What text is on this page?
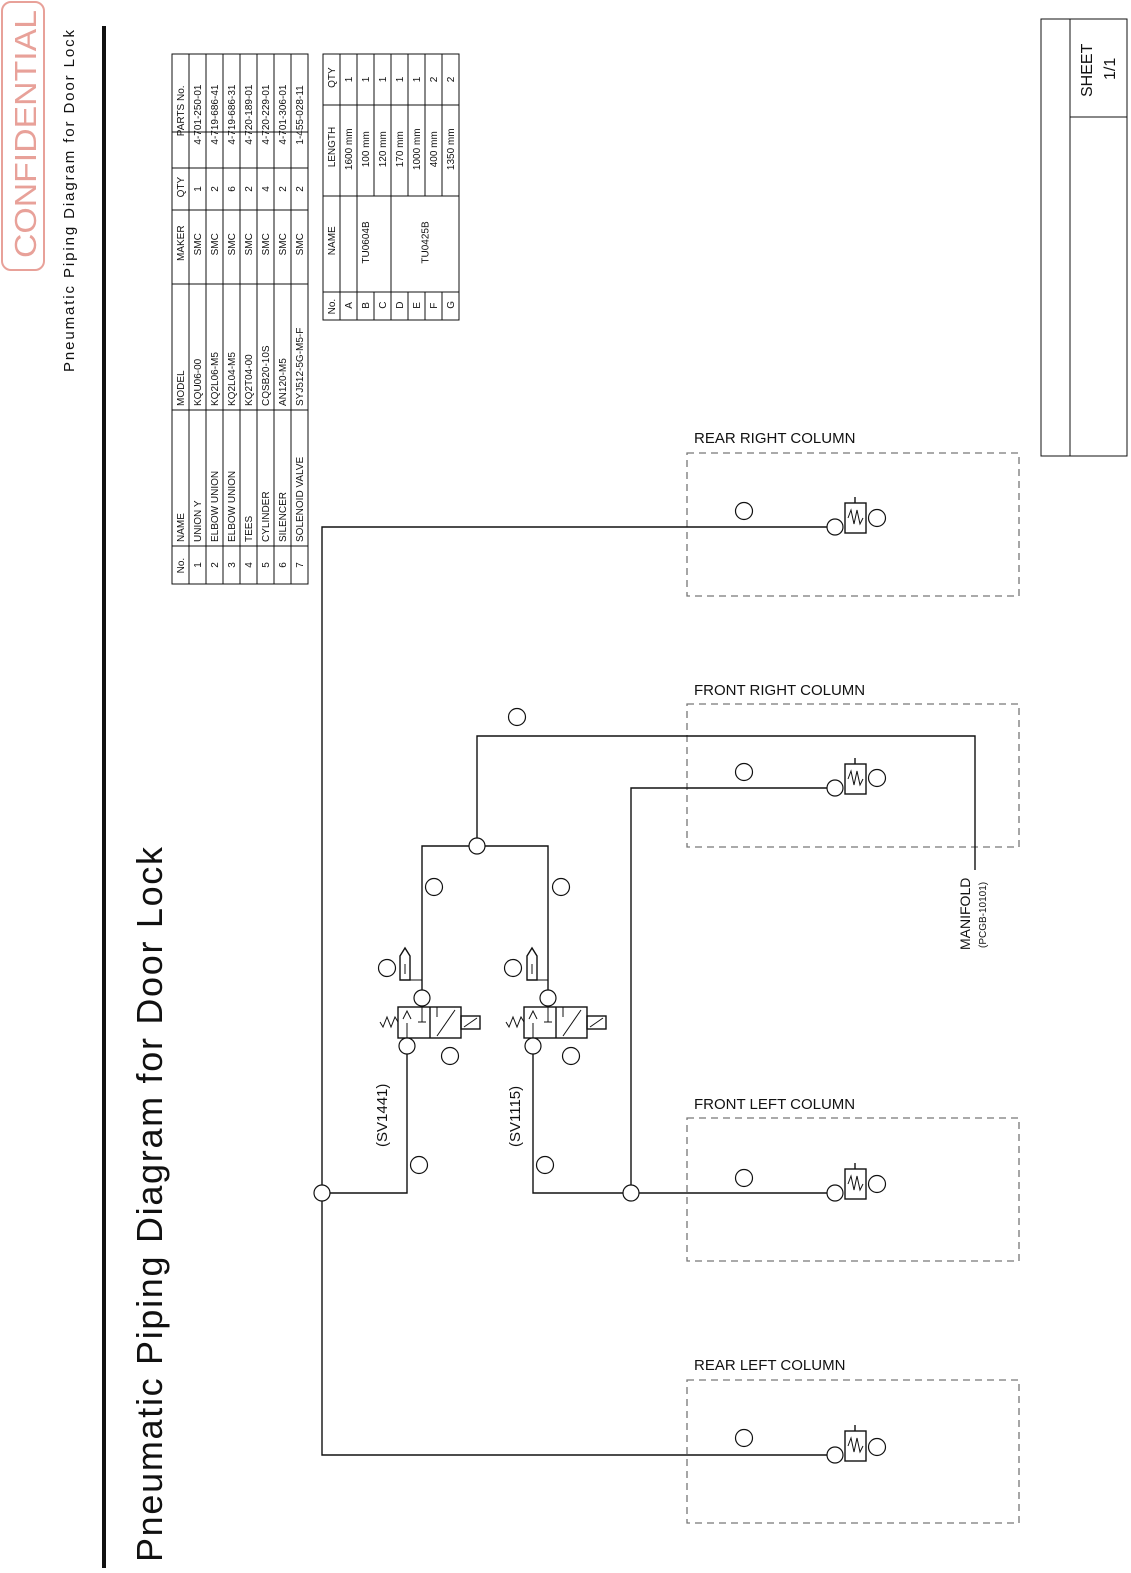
CONFIDENTIAL
Pneumatic Piping Diagram for Door Lock
Pneumatic Piping Diagram for Door Lock
No.
NAME
MODEL
MAKER
QTY
PARTS No.
1
UNION Y
KQU06-00
SMC
1
4-701-250-01
2
ELBOW UNION
KQ2L06-M5
SMC
2
4-719-686-41
3
ELBOW UNION
KQ2L04-M5
SMC
6
4-719-686-31
4
TEES
KQ2T04-00
SMC
2
4-720-189-01
5
CYLINDER
CQSB20-10S
SMC
4
4-720-229-01
6
SILENCER
AN120-M5
SMC
2
4-701-306-01
7
SOLENOID VALVE
SYJ512-5G-M5-F
SMC
2
1-455-028-11
No.
NAME
LENGTH
QTY
A
1600 mm
1
B
100 mm
1
C
120 mm
1
D
170 mm
1
E
1000 mm
1
F
400 mm
2
G
1350 mm
2
TU0604B	TU0425B
SHEET 1/1
REAR RIGHT COLUMN
FRONT RIGHT COLUMN
FRONT LEFT COLUMN
REAR LEFT COLUMN
(SV1441)	(SV1115)
MANIFOLD (PCGB-10101)
